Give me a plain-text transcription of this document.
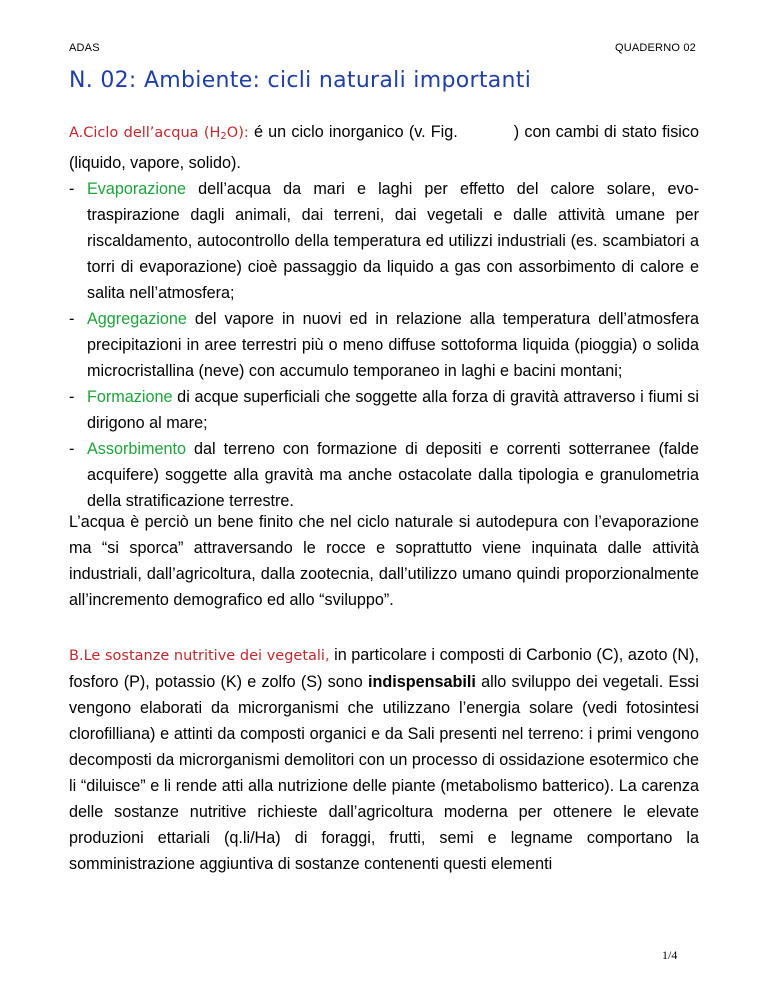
ADAS	QUADERNO 02
N. 02: Ambiente: cicli naturali importanti

A.Ciclo dell’acqua $(H_2O)$: é un ciclo inorganico (v. Fig.	) con cambi di stato fisico (liquido, vapore, solido).

- Evaporazione dell’acqua da mari e laghi per effetto del calore solare, evo-traspirazione dagli animali, dai terreni, dai vegetali e dalle attività umane per riscaldamento, autocontrollo della temperatura ed utilizzi industriali (es. scambiatori a torri di evaporazione) cioè passaggio da liquido a gas con assorbimento di calore e salita nell’atmosfera;

- Aggregazione del vapore in nuovi ed in relazione alla temperatura dell’atmosfera precipitazioni in aree terrestri più o meno diffuse sottoforma liquida (pioggia) o solida microcristallina (neve) con accumulo temporaneo in laghi e bacini montani;

- Formazione di acque superficiali che soggette alla forza di gravità attraverso i fiumi si dirigono al mare;

- Assorbimento dal terreno con formazione di depositi e correnti sotterranee (falde acquifere) soggette alla gravità ma anche ostacolate dalla tipologia e granulometria della stratificazione terrestre.

L’acqua è perciò un bene finito che nel ciclo naturale si autodepura con l’evaporazione ma “si sporca” attraversando le rocce e soprattutto viene inquinata dalle attività industriali, dall’agricoltura, dalla zootecnia, dall’utilizzo umano quindi proporzionalmente all’incremento demografico ed allo “sviluppo”.

B.Le sostanze nutritive dei vegetali, in particolare i composti di Carbonio (C), azoto (N), fosforo (P), potassio (K) e zolfo (S) sono indispensabili allo sviluppo dei vegetali. Essi vengono elaborati da microrganismi che utilizzano l’energia solare (vedi fotosintesi clorofilliana) e attinti da composti organici e da Sali presenti nel terreno: i primi vengono decomposti da microrganismi demolitori con un processo di ossidazione esotermico che li “diluisce” e li rende atti alla nutrizione delle piante (metabolismo batterico). La carenza delle sostanze nutritive richieste dall’agricoltura moderna per ottenere le elevate produzioni ettariali (q.li/Ha) di foraggi, frutti, semi e legname comportano la somministrazione aggiuntiva di sostanze contenenti questi elementi

1/4
